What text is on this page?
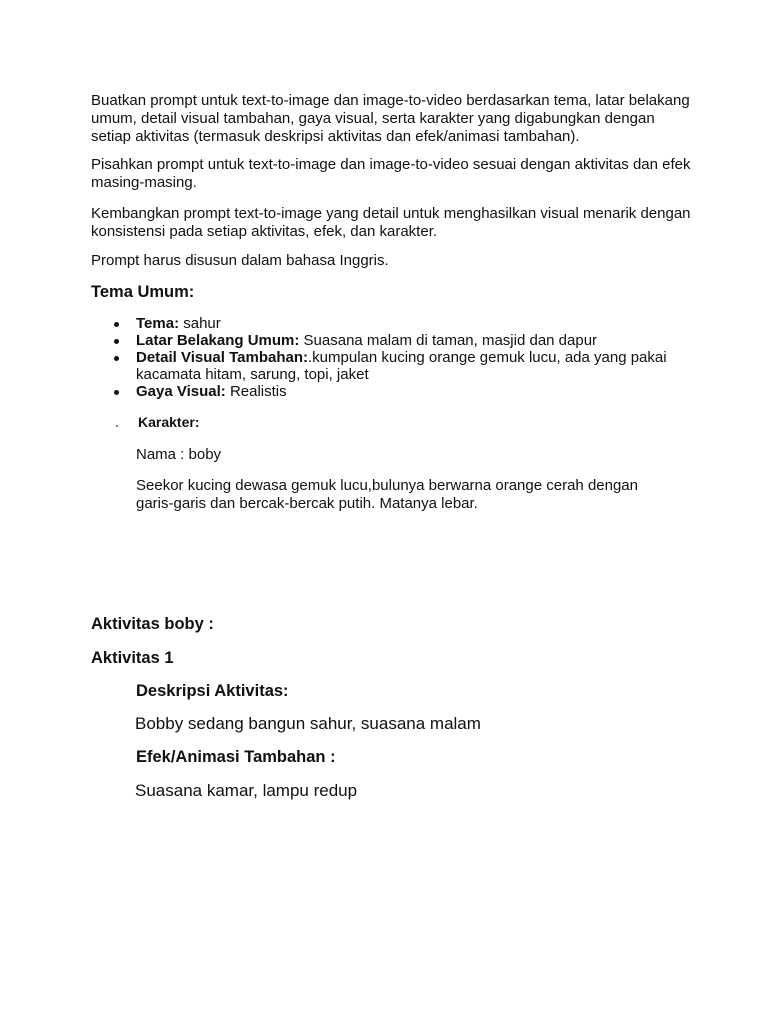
Buatkan prompt untuk text-to-image dan image-to-video berdasarkan tema, latar belakang umum, detail visual tambahan, gaya visual, serta karakter yang digabungkan dengan setiap aktivitas (termasuk deskripsi aktivitas dan efek/animasi tambahan).

Pisahkan prompt untuk text-to-image dan image-to-video sesuai dengan aktivitas dan efek masing-masing.

Kembangkan prompt text-to-image yang detail untuk menghasilkan visual menarik dengan konsistensi pada setiap aktivitas, efek, dan karakter.

Prompt harus disusun dalam bahasa Inggris.

Tema Umum:
Tema: sahur
Latar Belakang Umum: Suasana malam di taman, masjid dan dapur
Detail Visual Tambahan:.kumpulan kucing orange gemuk lucu, ada yang pakai kacamata hitam, sarung, topi, jaket
Gaya Visual: Realistis
Karakter:

Nama : boby

Seekor kucing dewasa gemuk lucu,bulunya berwarna orange cerah dengan garis-garis dan bercak-bercak putih. Matanya lebar.

Aktivitas boby :
Aktivitas 1
Deskripsi Aktivitas:

Bobby sedang bangun sahur, suasana malam

Efek/Animasi Tambahan :

Suasana kamar, lampu redup
